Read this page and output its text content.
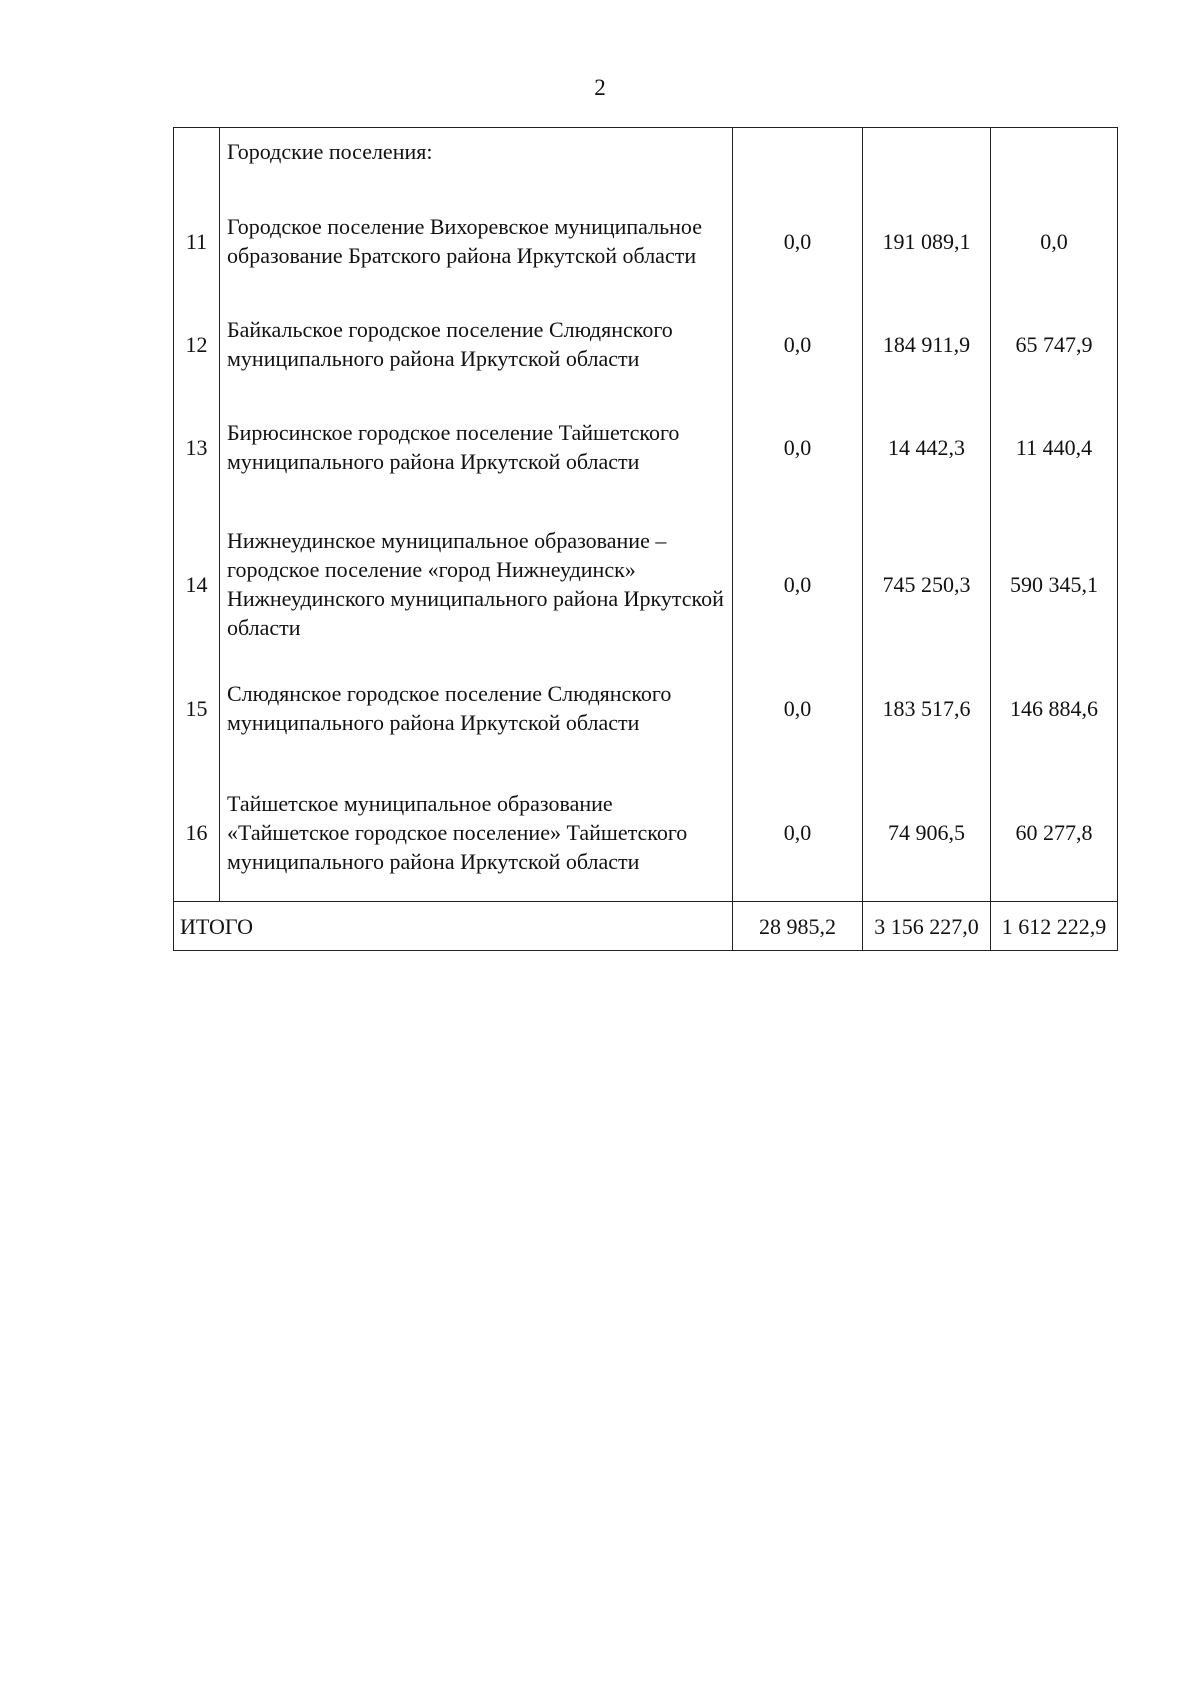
2
	Городские поселения:			
11	Городское поселение Вихоревское муниципальное образование Братского района Иркутской области	0,0	191 089,1	0,0

12	Байкальское городское поселение Слюдянского муниципального района Иркутской области	0,0	184 911,9	65 747,9

13	Бирюсинское городское поселение Тайшетского муниципального района Иркутской области	0,0	14 442,3	11 440,4

14	Нижнеудинское муниципальное образование – городское поселение «город Нижнеудинск» Нижнеудинского муниципального района Иркутской области	0,0	745 250,3	590 345,1

15	Слюдянское городское поселение Слюдянского муниципального района Иркутской области	0,0	183 517,6	146 884,6

16	Тайшетское муниципальное образование «Тайшетское городское поселение» Тайшетского муниципального района Иркутской области	0,0	74 906,5	60 277,8
ИТОГО		28 985,2	3 156 227,0	1 612 222,9
